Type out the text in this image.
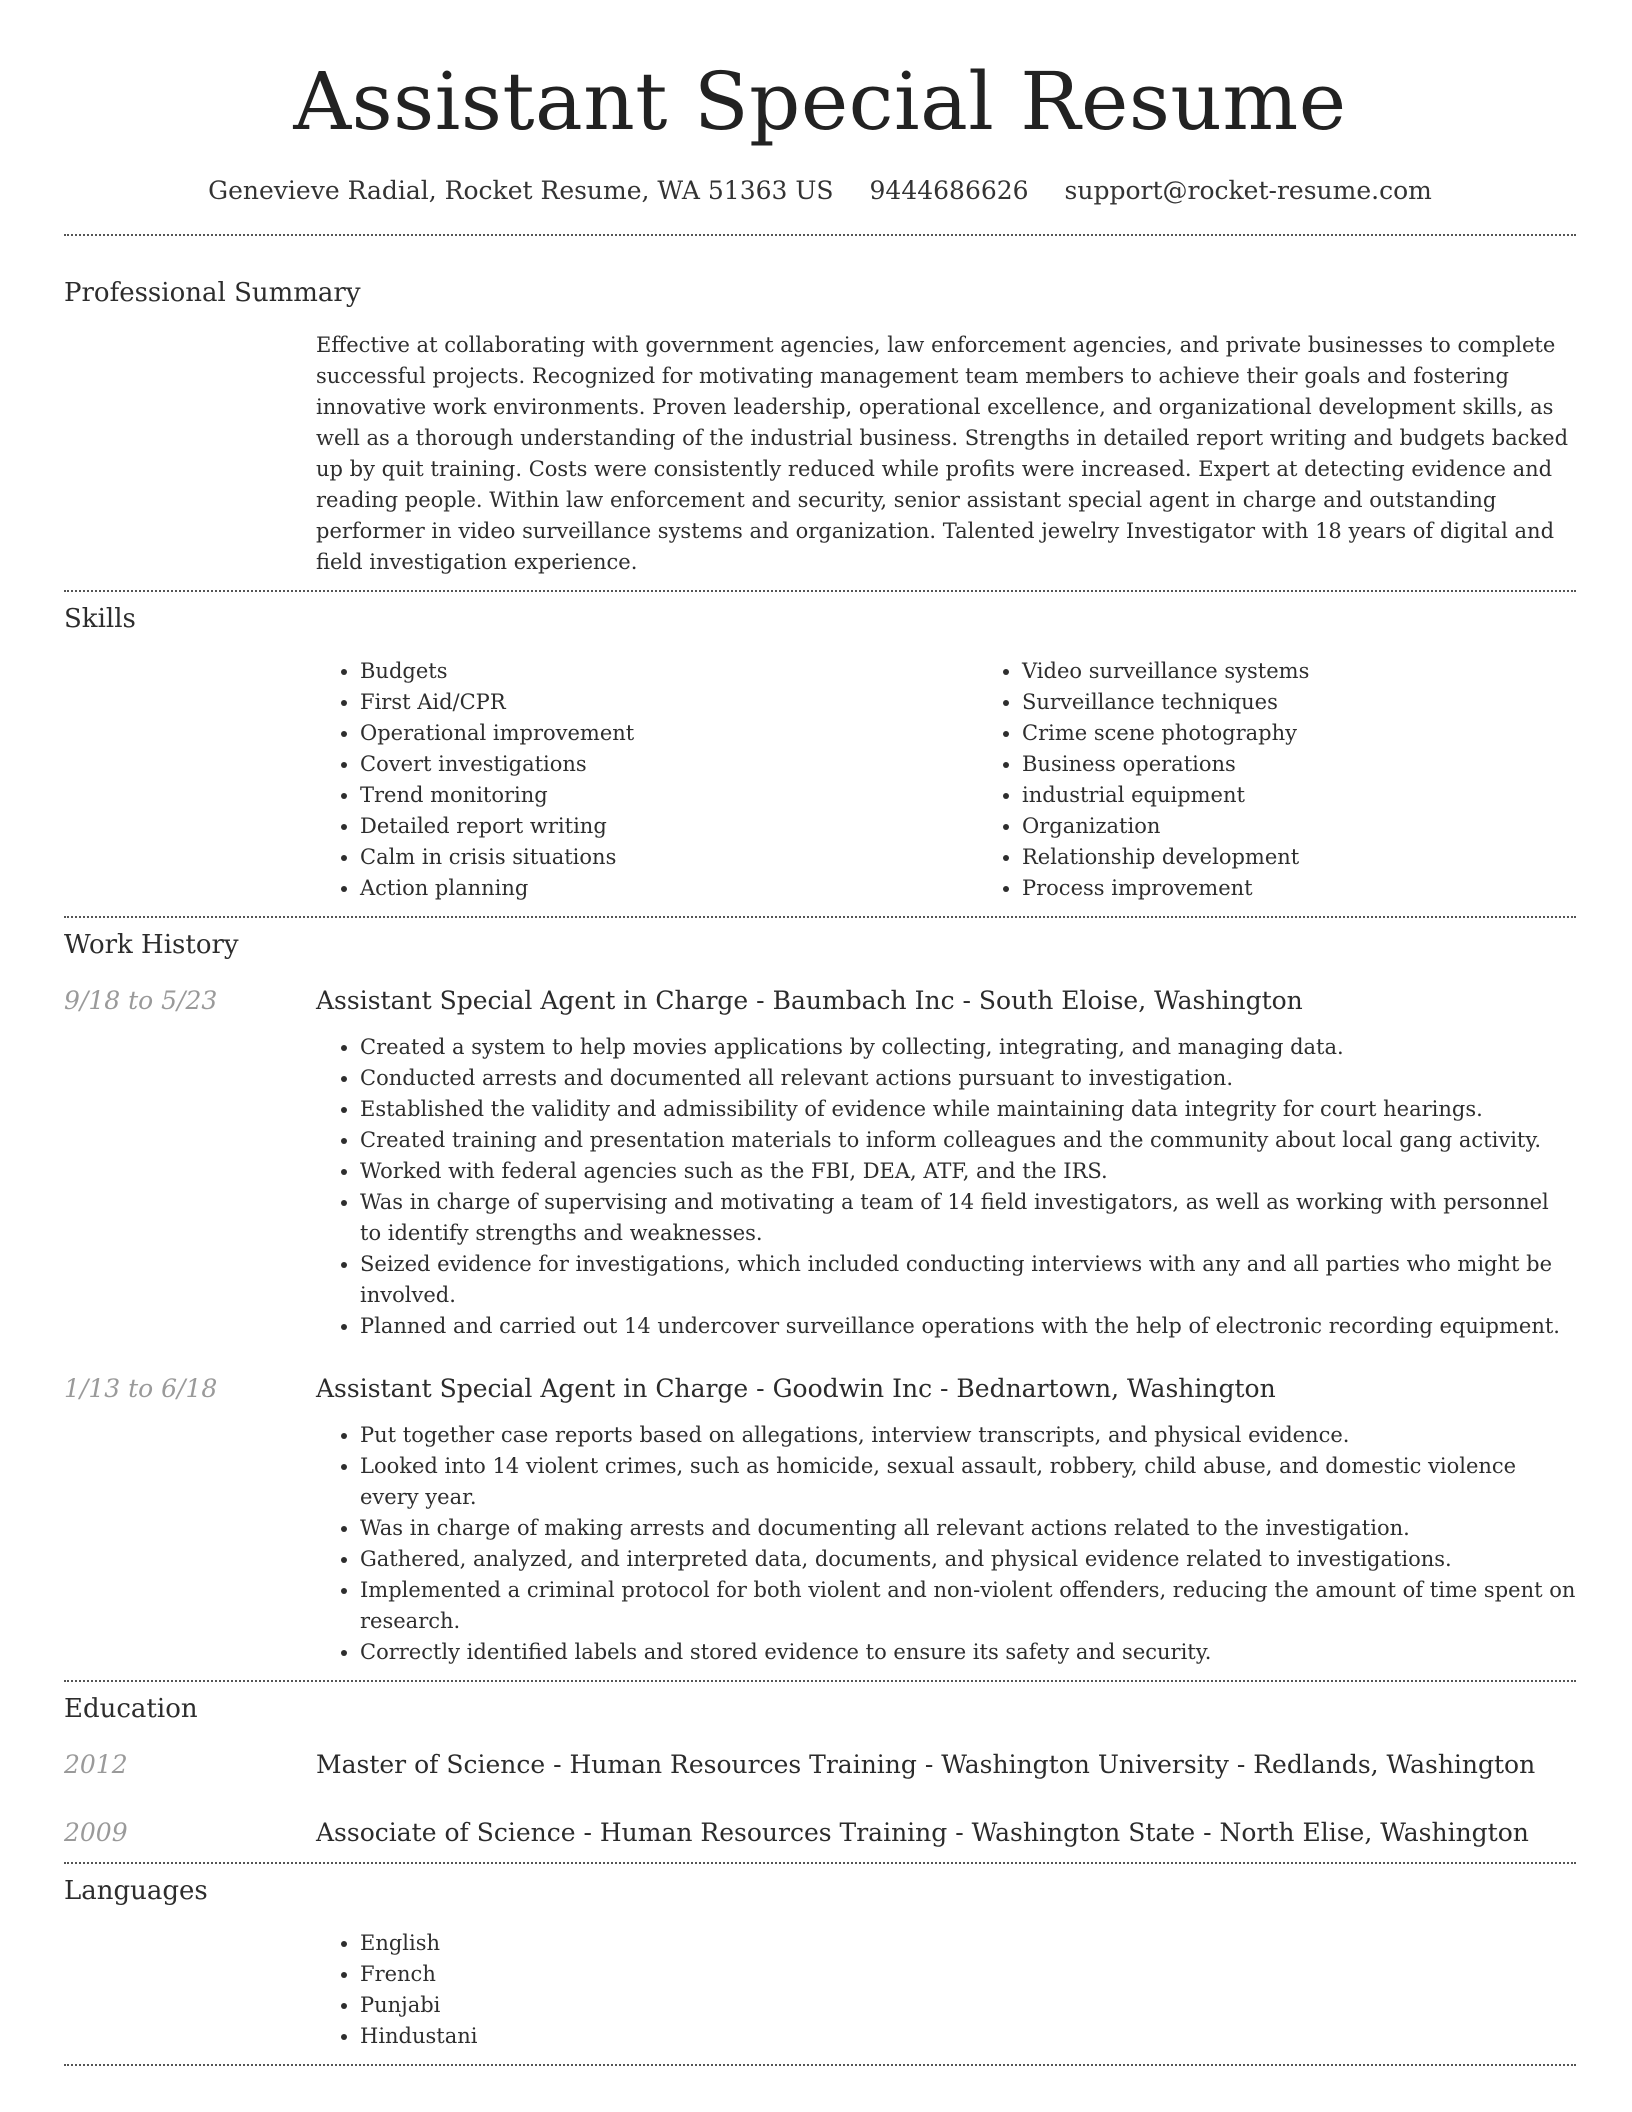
Assistant Special Resume
Genevieve Radial, Rocket Resume, WA 51363 US 9444686626 support@rocket-resume.com
Professional Summary

Effective at collaborating with government agencies, law enforcement agencies, and private businesses to complete successful projects. Recognized for motivating management team members to achieve their goals and fostering innovative work environments. Proven leadership, operational excellence, and organizational development skills, as well as a thorough understanding of the industrial business. Strengths in detailed report writing and budgets backed up by quit training. Costs were consistently reduced while profits were increased. Expert at detecting evidence and reading people. Within law enforcement and security, senior assistant special agent in charge and outstanding performer in video surveillance systems and organization. Talented jewelry Investigator with 18 years of digital and field investigation experience.

Skills
• Budgets
• First Aid/CPR
• Operational improvement
• Covert investigations
• Trend monitoring
• Detailed report writing
• Calm in crisis situations
• Action planning
• Video surveillance systems
• Surveillance techniques
• Crime scene photography
• Business operations
• industrial equipment
• Organization
• Relationship development
• Process improvement
Work History
9/18 to 5/23	Assistant Special Agent in Charge - Baumbach Inc - South Eloise, Washington

• Created a system to help movies applications by collecting, integrating, and managing data.
• Conducted arrests and documented all relevant actions pursuant to investigation.
• Established the validity and admissibility of evidence while maintaining data integrity for court hearings.
• Created training and presentation materials to inform colleagues and the community about local gang activity.
• Worked with federal agencies such as the FBI, DEA, ATF, and the IRS.
• Was in charge of supervising and motivating a team of 14 field investigators, as well as working with personnel to identify strengths and weaknesses.
• Seized evidence for investigations, which included conducting interviews with any and all parties who might be involved.
• Planned and carried out 14 undercover surveillance operations with the help of electronic recording equipment.
1/13 to 6/18	Assistant Special Agent in Charge - Goodwin Inc - Bednartown, Washington

• Put together case reports based on allegations, interview transcripts, and physical evidence.
• Looked into 14 violent crimes, such as homicide, sexual assault, robbery, child abuse, and domestic violence every year.
• Was in charge of making arrests and documenting all relevant actions related to the investigation.
• Gathered, analyzed, and interpreted data, documents, and physical evidence related to investigations.
• Implemented a criminal protocol for both violent and non-violent offenders, reducing the amount of time spent on research.
• Correctly identified labels and stored evidence to ensure its safety and security.
Education
2012	Master of Science - Human Resources Training - Washington University - Redlands, Washington

2009	Associate of Science - Human Resources Training - Washington State - North Elise, Washington

Languages
• English
• French
• Punjabi
• Hindustani
